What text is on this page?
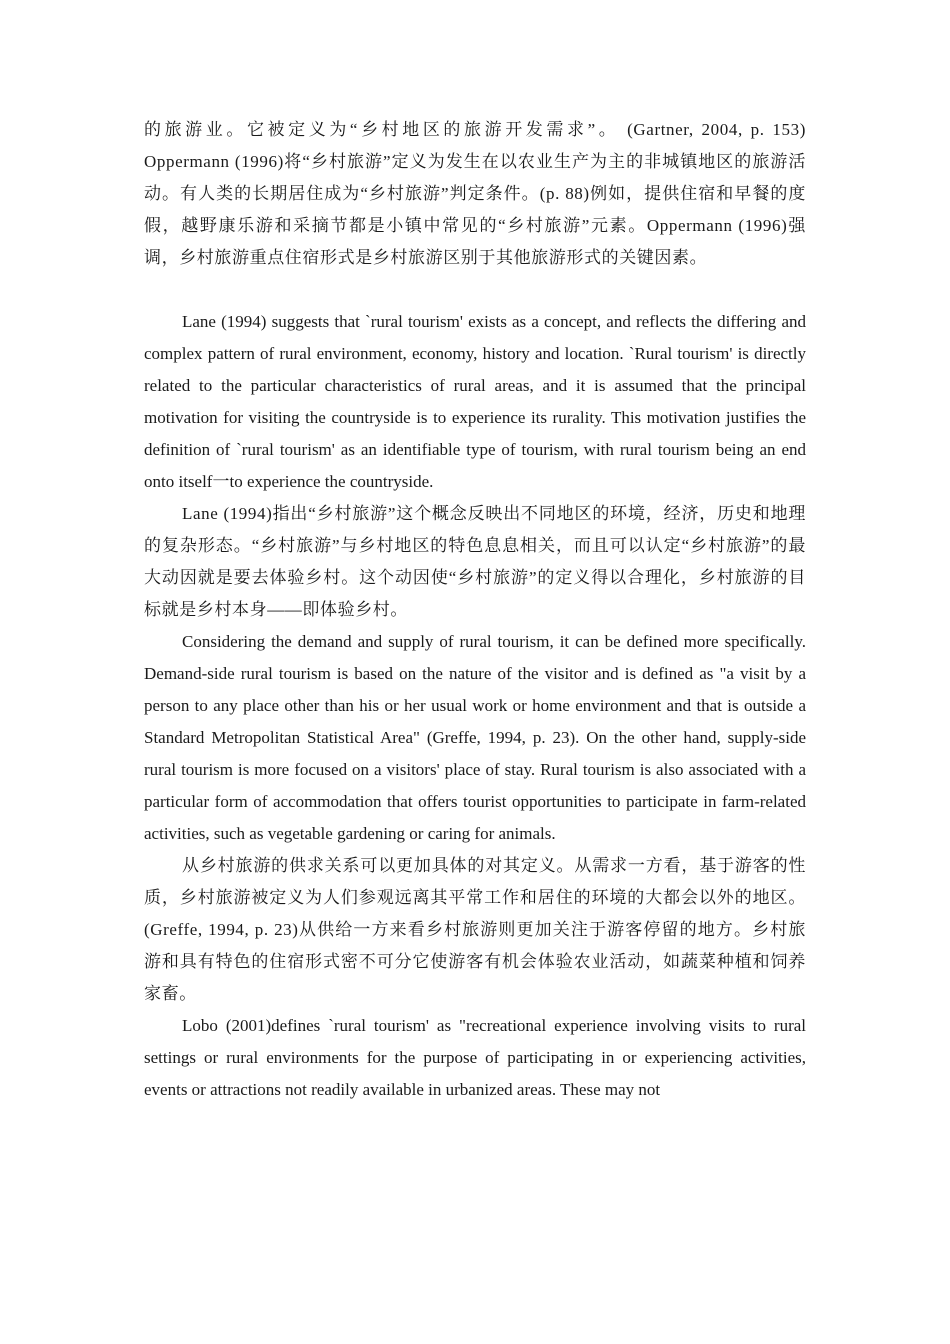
的旅游业。它被定义为“乡村地区的旅游开发需求”。 (Gartner, 2004, p. 153) Oppermann (1996)将“乡村旅游”定义为发生在以农业生产为主的非城镇地区的旅游活动。有人类的长期居住成为“乡村旅游”判定条件。(p. 88)例如，提供住宿和早餐的度假，越野康乐游和采摘节都是小镇中常见的“乡村旅游”元素。Oppermann (1996)强调，乡村旅游重点住宿形式是乡村旅游区别于其他旅游形式的关键因素。

Lane (1994) suggests that `rural tourism' exists as a concept, and reflects the differing and complex pattern of rural environment, economy, history and location. `Rural tourism' is directly related to the particular characteristics of rural areas, and it is assumed that the principal motivation for visiting the countryside is to experience its rurality. This motivation justifies the definition of `rural tourism' as an identifiable type of tourism, with rural tourism being an end onto itself一to experience the countryside.

Lane (1994)指出“乡村旅游”这个概念反映出不同地区的环境，经济，历史和地理的复杂形态。“乡村旅游”与乡村地区的特色息息相关，而且可以认定“乡村旅游”的最大动因就是要去体验乡村。这个动因使“乡村旅游”的定义得以合理化，乡村旅游的目标就是乡村本身——即体验乡村。

Considering the demand and supply of rural tourism, it can be defined more specifically. Demand-side rural tourism is based on the nature of the visitor and is defined as "a visit by a person to any place other than his or her usual work or home environment and that is outside a Standard Metropolitan Statistical Area" (Greffe, 1994, p. 23). On the other hand, supply-side rural tourism is more focused on a visitors' place of stay. Rural tourism is also associated with a particular form of accommodation that offers tourist opportunities to participate in farm-related activities, such as vegetable gardening or caring for animals.

从乡村旅游的供求关系可以更加具体的对其定义。从需求一方看，基于游客的性质，乡村旅游被定义为人们参观远离其平常工作和居住的环境的大都会以外的地区。(Greffe, 1994, p. 23)从供给一方来看乡村旅游则更加关注于游客停留的地方。乡村旅游和具有特色的住宿形式密不可分它使游客有机会体验农业活动，如蔬菜种植和饲养家畜。

Lobo (2001)defines `rural tourism' as "recreational experience involving visits to rural settings or rural environments for the purpose of participating in or experiencing activities, events or attractions not readily available in urbanized areas. These may not
